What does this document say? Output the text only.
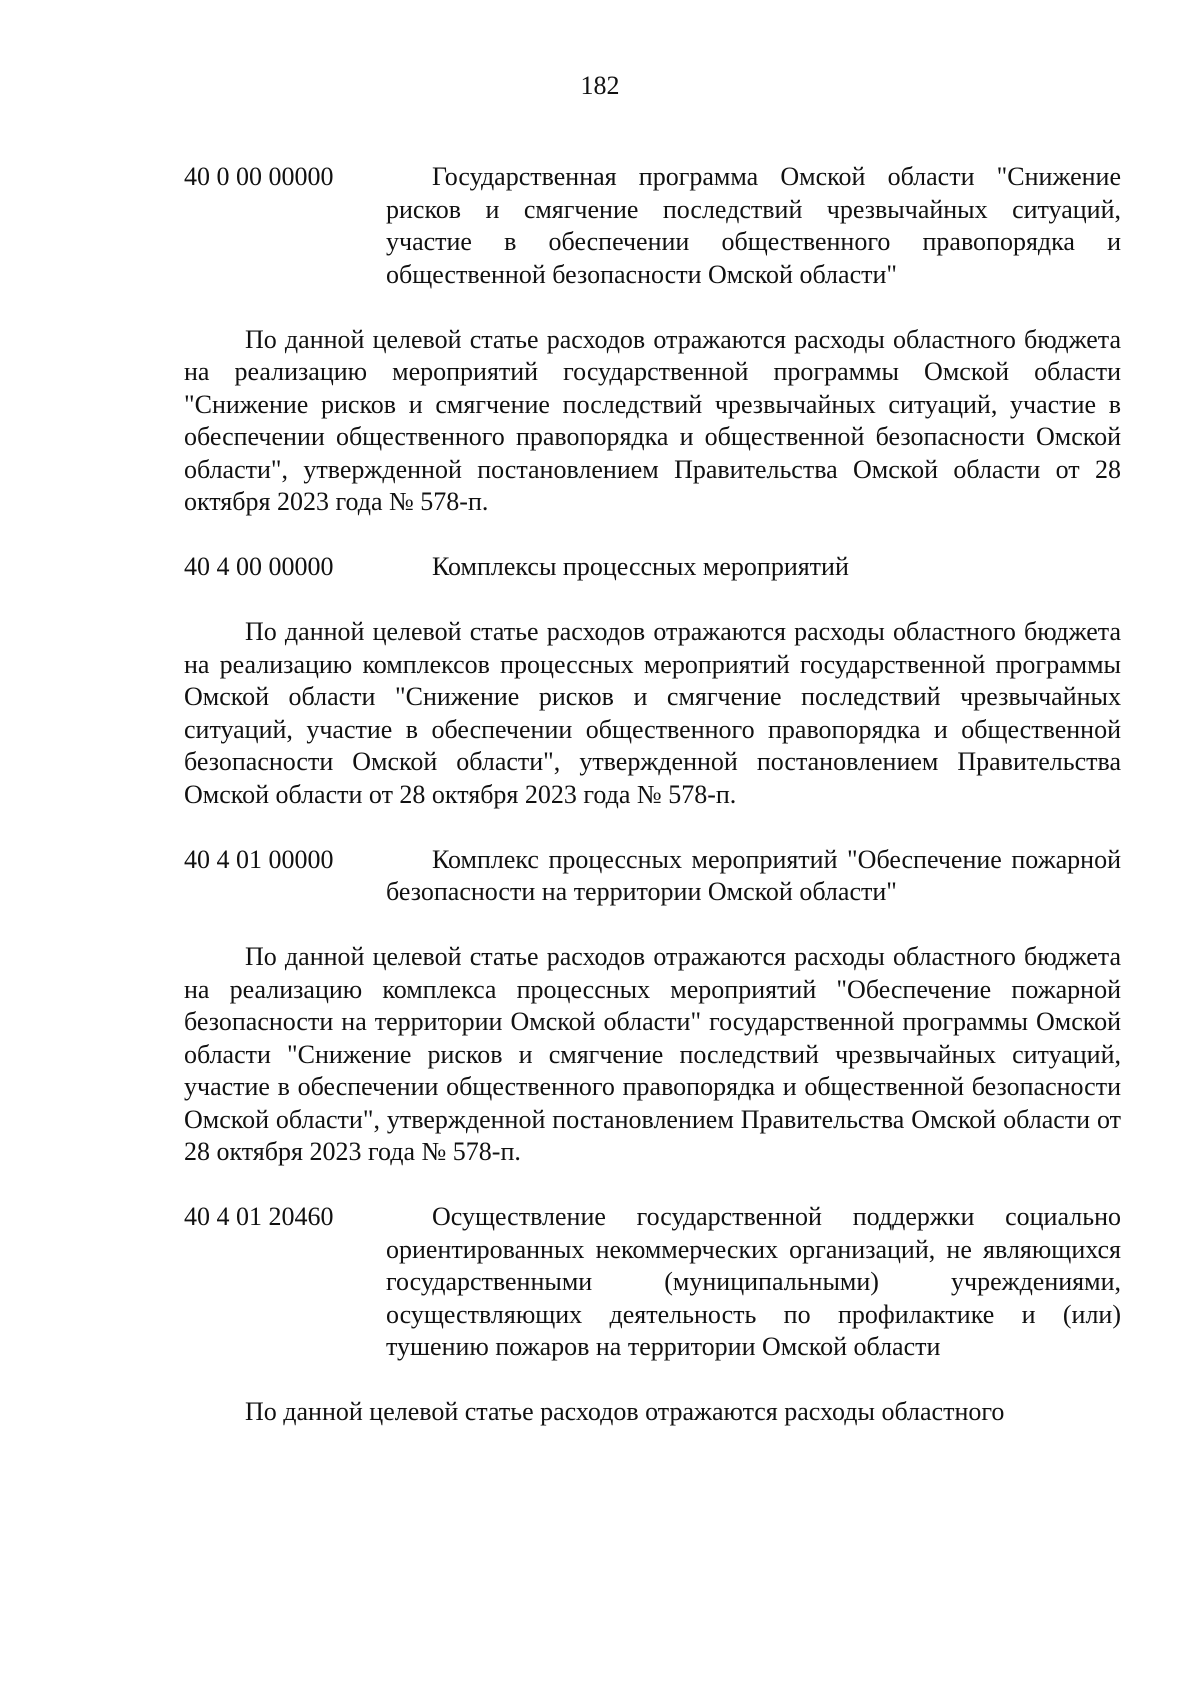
182
40 0 00 00000	Государственная программа Омской области "Снижение рисков и смягчение последствий чрезвычайных ситуаций, участие в обеспечении общественного правопорядка и общественной безопасности Омской области"

По данной целевой статье расходов отражаются расходы областного бюджета на реализацию мероприятий государственной программы Омской области "Снижение рисков и смягчение последствий чрезвычайных ситуаций, участие в обеспечении общественного правопорядка и общественной безопасности Омской области", утвержденной постановлением Правительства Омской области от 28 октября 2023 года № 578-п.

40 4 00 00000	Комплексы процессных мероприятий

По данной целевой статье расходов отражаются расходы областного бюджета на реализацию комплексов процессных мероприятий государственной программы Омской области "Снижение рисков и смягчение последствий чрезвычайных ситуаций, участие в обеспечении общественного правопорядка и общественной безопасности Омской области", утвержденной постановлением Правительства Омской области от 28 октября 2023 года № 578-п.

40 4 01 00000	Комплекс процессных мероприятий "Обеспечение пожарной безопасности на территории Омской области"

По данной целевой статье расходов отражаются расходы областного бюджета на реализацию комплекса процессных мероприятий "Обеспечение пожарной безопасности на территории Омской области" государственной программы Омской области "Снижение рисков и смягчение последствий чрезвычайных ситуаций, участие в обеспечении общественного правопорядка и общественной безопасности Омской области", утвержденной постановлением Правительства Омской области от 28 октября 2023 года № 578-п.

40 4 01 20460	Осуществление государственной поддержки социально ориентированных некоммерческих организаций, не являющихся государственными (муниципальными) учреждениями, осуществляющих деятельность по профилактике и (или) тушению пожаров на территории Омской области

По данной целевой статье расходов отражаются расходы областного
